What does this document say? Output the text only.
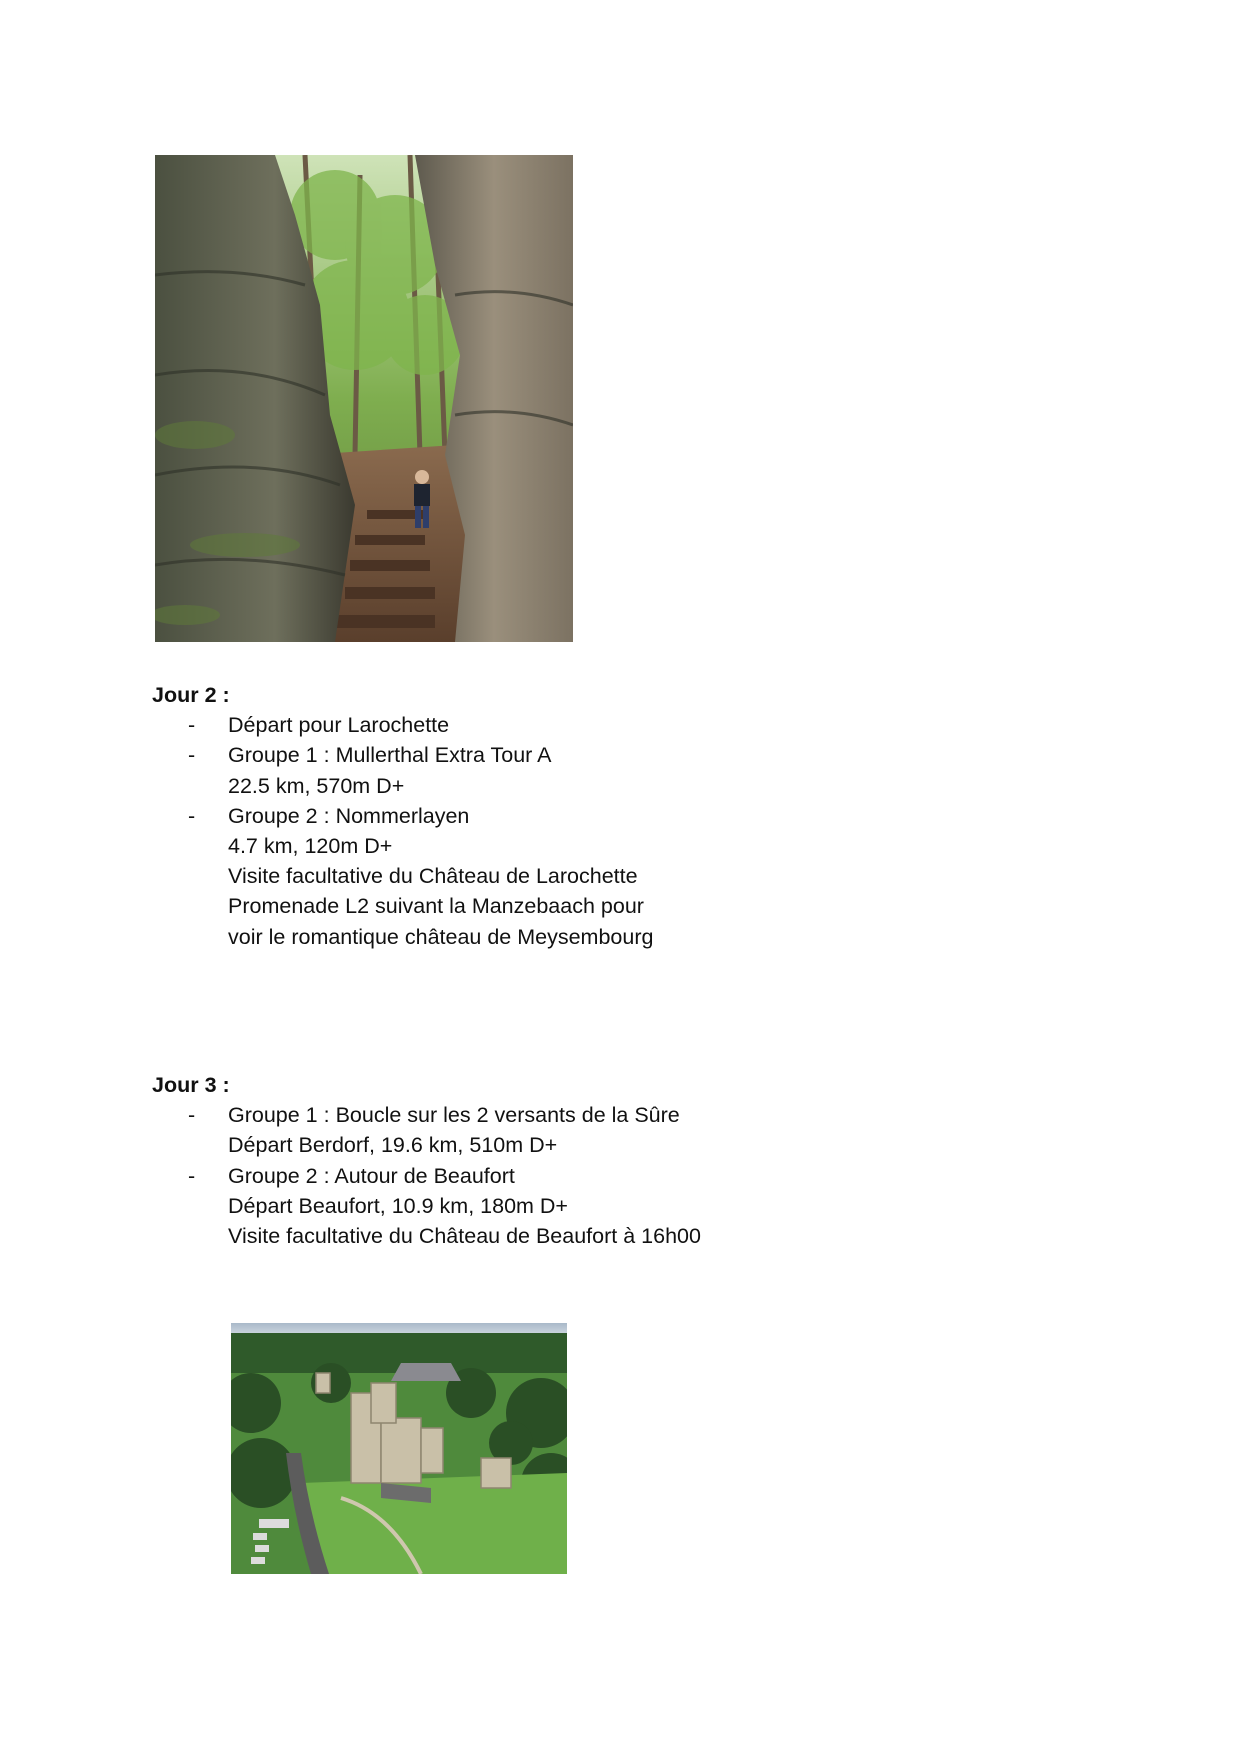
Jour 2 :

- Départ pour Larochette
- Groupe 1 : Mullerthal Extra Tour A
22.5 km, 570m D+
- Groupe 2 : Nommerlayen
4.7 km, 120m D+
Visite facultative du Château de Larochette
Promenade L2 suivant la Manzebaach pour
voir le romantique château de Meysembourg

Jour 3 :

- Groupe 1 : Boucle sur les 2 versants de la Sûre
Départ Berdorf, 19.6 km, 510m D+
- Groupe 2 : Autour de Beaufort
Départ Beaufort, 10.9 km, 180m D+
Visite facultative du Château de Beaufort à 16h00
